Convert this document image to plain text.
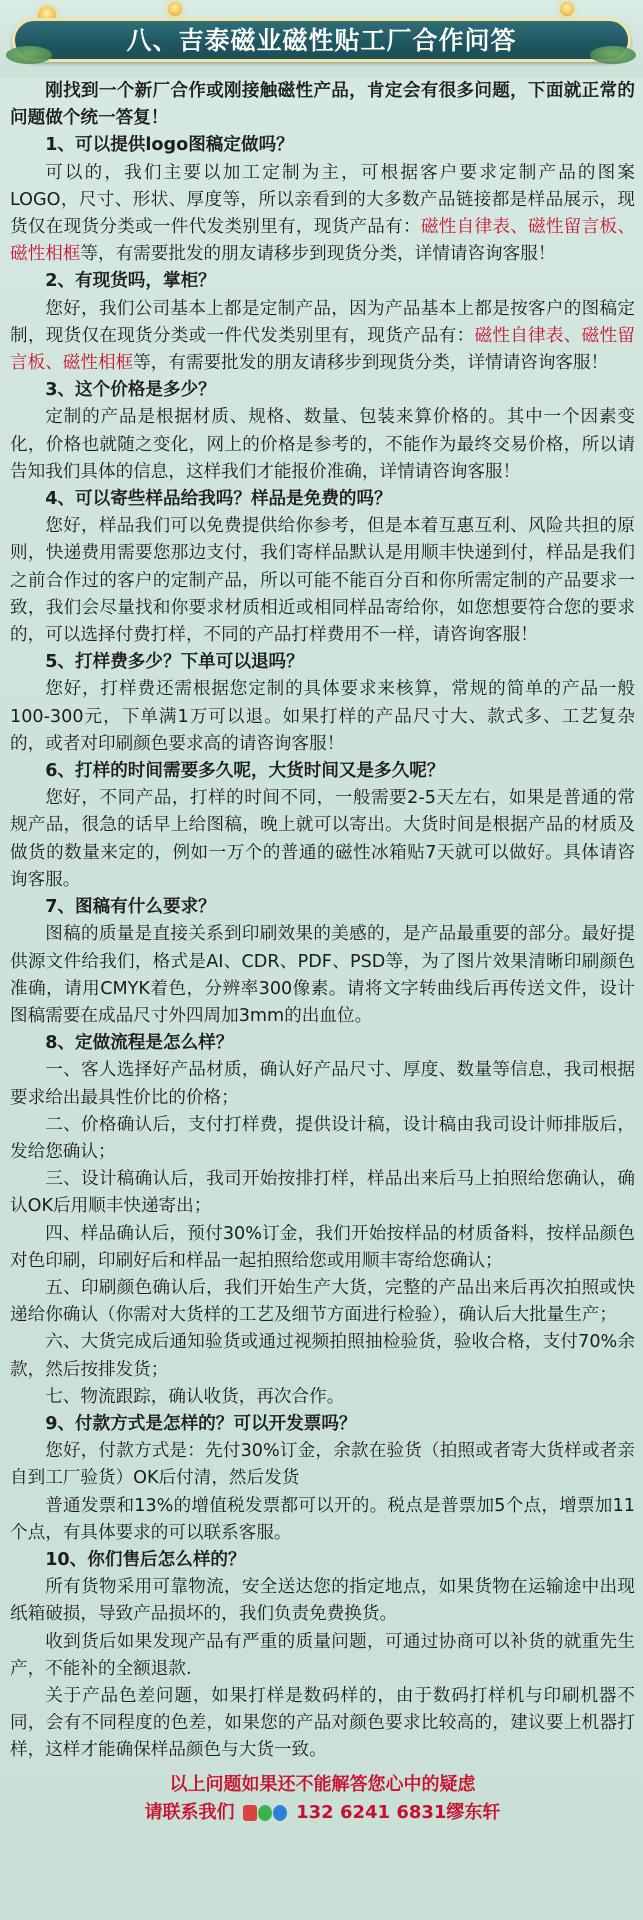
八、吉泰磁业磁性贴工厂合作问答

刚找到一个新厂合作或刚接触磁性产品，肯定会有很多问题，下面就正常的问题做个统一答复！

1、可以提供logo图稿定做吗？

可以的，我们主要以加工定制为主，可根据客户要求定制产品的图案LOGO，尺寸、形状、厚度等，所以亲看到的大多数产品链接都是样品展示，现货仅在现货分类或一件代发类别里有，现货产品有：磁性自律表、磁性留言板、磁性相框等，有需要批发的朋友请移步到现货分类，详情请咨询客服！

2、有现货吗，掌柜？

您好，我们公司基本上都是定制产品，因为产品基本上都是按客户的图稿定制，现货仅在现货分类或一件代发类别里有，现货产品有：磁性自律表、磁性留言板、磁性相框等，有需要批发的朋友请移步到现货分类，详情请咨询客服！

3、这个价格是多少？

定制的产品是根据材质、规格、数量、包装来算价格的。其中一个因素变化，价格也就随之变化，网上的价格是参考的，不能作为最终交易价格，所以请告知我们具体的信息，这样我们才能报价准确，详情请咨询客服！

4、可以寄些样品给我吗？样品是免费的吗？

您好，样品我们可以免费提供给你参考，但是本着互惠互利、风险共担的原则，快递费用需要您那边支付，我们寄样品默认是用顺丰快递到付，样品是我们之前合作过的客户的定制产品，所以可能不能百分百和你所需定制的产品要求一致，我们会尽量找和你要求材质相近或相同样品寄给你，如您想要符合您的要求的，可以选择付费打样，不同的产品打样费用不一样，请咨询客服！

5、打样费多少？下单可以退吗？

您好，打样费还需根据您定制的具体要求来核算，常规的简单的产品一般100-300元，下单满1万可以退。如果打样的产品尺寸大、款式多、工艺复杂的，或者对印刷颜色要求高的请咨询客服！

6、打样的时间需要多久呢，大货时间又是多久呢？

您好，不同产品，打样的时间不同，一般需要2-5天左右，如果是普通的常规产品，很急的话早上给图稿，晚上就可以寄出。大货时间是根据产品的材质及做货的数量来定的，例如一万个的普通的磁性冰箱贴7天就可以做好。具体请咨询客服。

7、图稿有什么要求？

图稿的质量是直接关系到印刷效果的美感的，是产品最重要的部分。最好提供源文件给我们，格式是AI、CDR、PDF、PSD等，为了图片效果清晰印刷颜色准确，请用CMYK着色，分辨率300像素。请将文字转曲线后再传送文件，设计图稿需要在成品尺寸外四周加3mm的出血位。

8、定做流程是怎么样？

一、客人选择好产品材质，确认好产品尺寸、厚度、数量等信息，我司根据要求给出最具性价比的价格；

二、价格确认后，支付打样费，提供设计稿，设计稿由我司设计师排版后，发给您确认；

三、设计稿确认后，我司开始按排打样，样品出来后马上拍照给您确认，确认OK后用顺丰快递寄出；

四、样品确认后，预付30%订金，我们开始按样品的材质备料，按样品颜色对色印刷，印刷好后和样品一起拍照给您或用顺丰寄给您确认；

五、印刷颜色确认后，我们开始生产大货，完整的产品出来后再次拍照或快递给你确认（你需对大货样的工艺及细节方面进行检验），确认后大批量生产；

六、大货完成后通知验货或通过视频拍照抽检验货，验收合格，支付70%余款，然后按排发货；

七、物流跟踪，确认收货，再次合作。

9、付款方式是怎样的？可以开发票吗？

您好，付款方式是：先付30%订金，余款在验货（拍照或者寄大货样或者亲自到工厂验货）OK后付清，然后发货

普通发票和13%的增值税发票都可以开的。税点是普票加5个点，增票加11个点，有具体要求的可以联系客服。

10、你们售后怎么样的？

所有货物采用可靠物流，安全送达您的指定地点，如果货物在运输途中出现纸箱破损，导致产品损坏的，我们负责免费换货。

收到货后如果发现产品有严重的质量问题，可通过协商可以补货的就重先生产，不能补的全额退款.

关于产品色差问题，如果打样是数码样的，由于数码打样机与印刷机器不同，会有不同程度的色差，如果您的产品对颜色要求比较高的，建议要上机器打样，这样才能确保样品颜色与大货一致。

以上问题如果还不能解答您心中的疑虑
请联系我们	132 6241 6831缪东轩
